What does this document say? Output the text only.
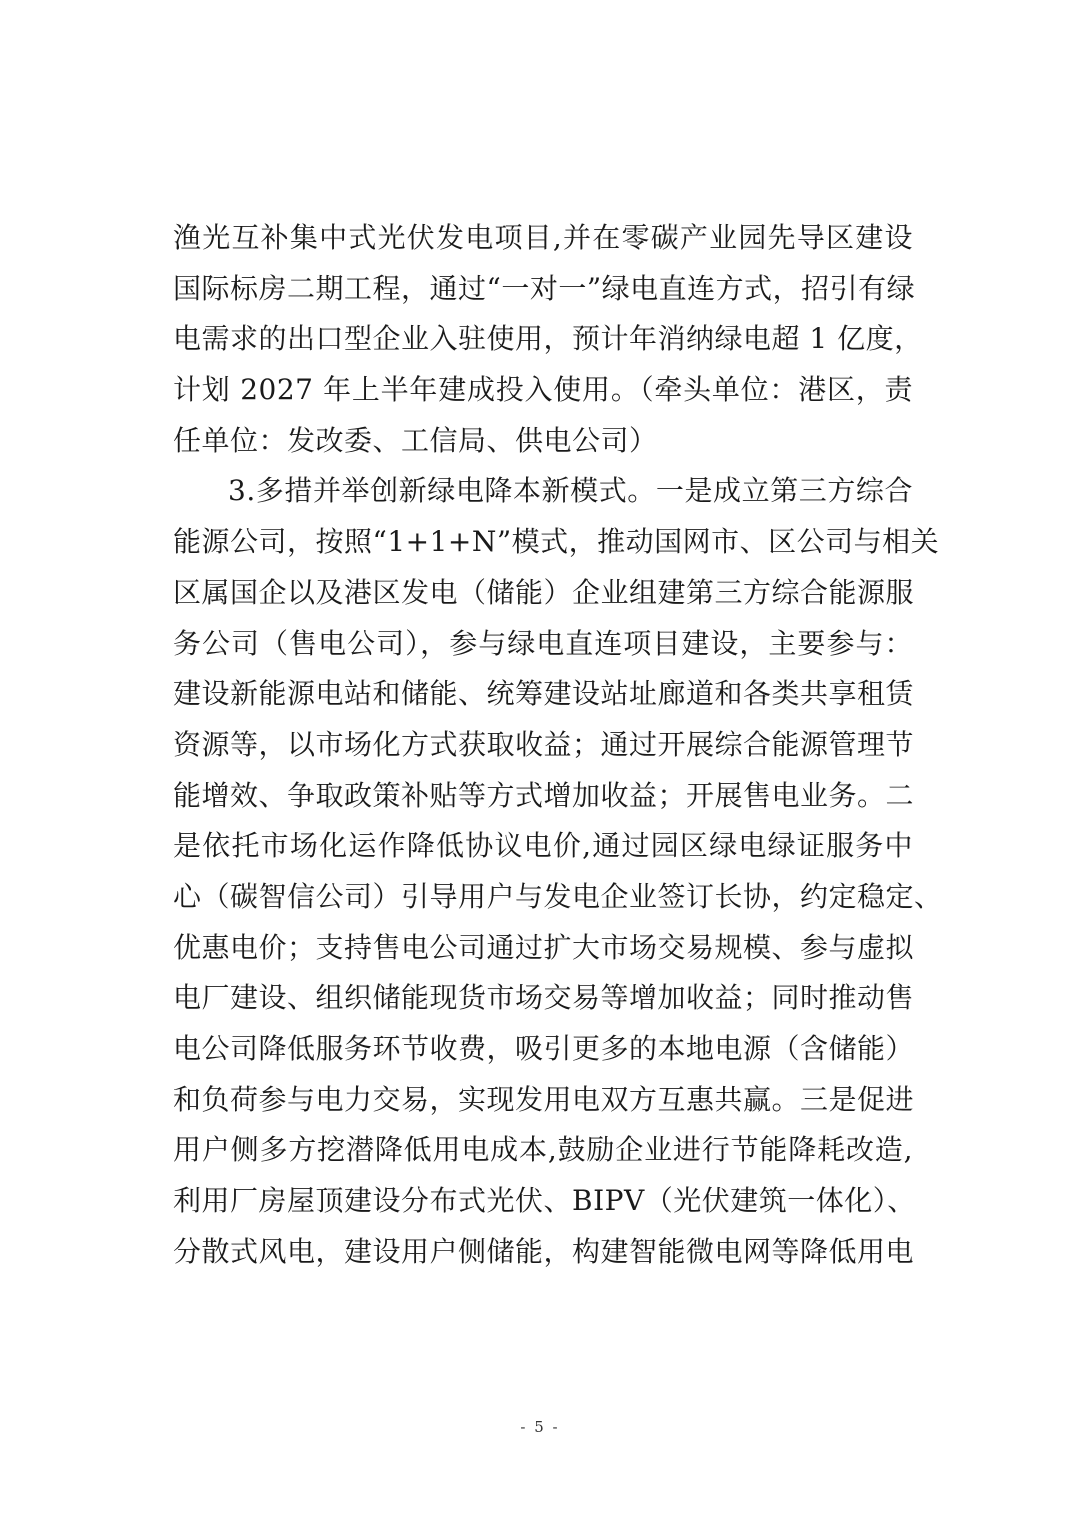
渔光互补集中式光伏发电项目,并在零碳产业园先导区建设
国际标房二期工程，通过“一对一”绿电直连方式，招引有绿
电需求的出口型企业入驻使用，预计年消纳绿电超 1 亿度，
计划 2027 年上半年建成投入使用。（牵头单位：港区，责
任单位：发改委、工信局、供电公司）
3.多措并举创新绿电降本新模式。一是成立第三方综合
能源公司，按照“1+1+N”模式，推动国网市、区公司与相关
区属国企以及港区发电（储能）企业组建第三方综合能源服
务公司（售电公司），参与绿电直连项目建设，主要参与：
建设新能源电站和储能、统筹建设站址廊道和各类共享租赁
资源等，以市场化方式获取收益；通过开展综合能源管理节
能增效、争取政策补贴等方式增加收益；开展售电业务。二
是依托市场化运作降低协议电价,通过园区绿电绿证服务中
心（碳智信公司）引导用户与发电企业签订长协，约定稳定、
优惠电价；支持售电公司通过扩大市场交易规模、参与虚拟
电厂建设、组织储能现货市场交易等增加收益；同时推动售
电公司降低服务环节收费，吸引更多的本地电源（含储能）
和负荷参与电力交易，实现发用电双方互惠共赢。三是促进
用户侧多方挖潜降低用电成本,鼓励企业进行节能降耗改造,
利用厂房屋顶建设分布式光伏、BIPV（光伏建筑一体化）、
分散式风电，建设用户侧储能，构建智能微电网等降低用电
- 5 -
